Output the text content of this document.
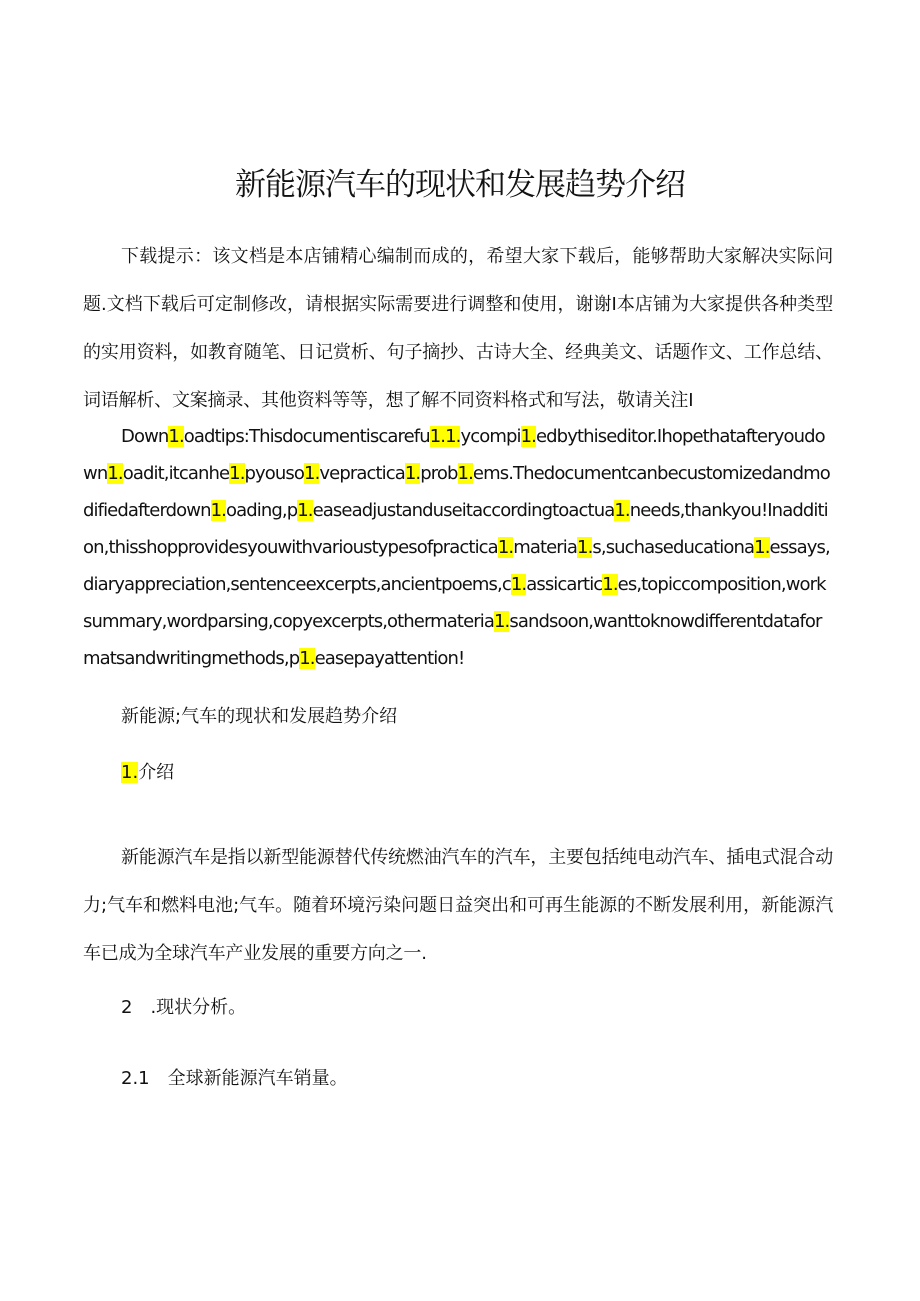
新能源汽车的现状和发展趋势介绍

下载提示：该文档是本店铺精心编制而成的，希望大家下载后，能够帮助大家解决实际问题.文档下载后可定制修改，请根据实际需要进行调整和使用，谢谢I本店铺为大家提供各种类型的实用资料，如教育随笔、日记赏析、句子摘抄、古诗大全、经典美文、话题作文、工作总结、词语解析、文案摘录、其他资料等等，想了解不同资料格式和写法，敬请关注I

Down1.oadtips:Thisdocumentiscarefu1.1.ycompi1.edbythiseditor.Ihopethatafteryoudown1.oadit,itcanhe1.pyouso1.vepractica1.prob1.ems.Thedocumentcanbecustomizedandmodifiedafterdown1.oading,p1.easeadjustanduseitaccordingtoactua1.needs,thankyou!Inaddition,thisshopprovidesyouwithvarioustypesofpractica1.materia1.s,suchaseducationa1.essays,diaryappreciation,sentenceexcerpts,ancientpoems,c1.assicartic1.es,topiccomposition,worksummary,wordparsing,copyexcerpts,othermateria1.sandsoon,wanttoknowdifferentdataformatsandwritingmethods,p1.easepayattention!

新能源;气车的现状和发展趋势介绍

1.介绍

新能源汽车是指以新型能源替代传统燃油汽车的汽车，主要包括纯电动汽车、插电式混合动力;气车和燃料电池;气车。随着环境污染问题日益突出和可再生能源的不断发展利用，新能源汽车已成为全球汽车产业发展的重要方向之一.

2　.现状分析。

2.1　全球新能源汽车销量。
